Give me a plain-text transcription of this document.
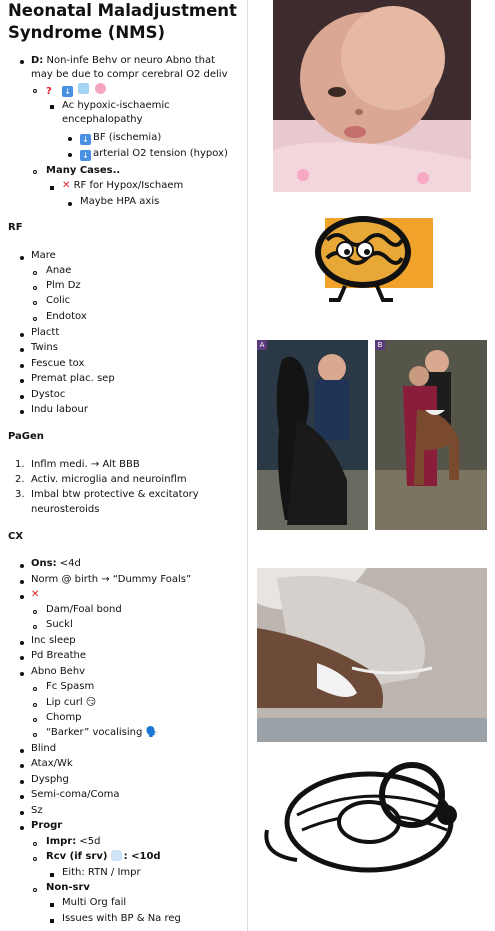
Neonatal Maladjustment Syndrome (NMS)
D: Non-infe Behv or neuro Abno that
may be due to compr cerebral O2 deliv
? ↓
Ac hypoxic-ischaemic
encephalopathy
↓ BF (ischemia)
↓ arterial O2 tension (hypox)
Many Cases..
✕ RF for Hypox/Ischaem
Maybe HPA axis
RF
Mare
Anae
Plm Dz
Colic
Endotox
Plactt
Twins
Fescue tox
Premat plac. sep
Dystoc
Indu labour
PaGen
1. Inflm medi. → Alt BBB
2. Activ. microglia and neuroinflm
3. Imbal btw protective & excitatory
neurosteroids
CX
Ons: <4d
Norm @ birth → “Dummy Foals”
✕
Dam/Foal bond
Suckl
Inc sleep
Pd Breathe
Abno Behv
Fc Spasm
Lip curl 😏
Chomp
“Barker” vocalising 🗣️
Blind
Atax/Wk
Dysphg
Semi-coma/Coma
Sz
Progr
Impr: <5d
Rcv (if srv) : <10d
Eith: RTN / Impr
Non-srv
Multi Org fail
Issues with BP & Na reg
A	B
